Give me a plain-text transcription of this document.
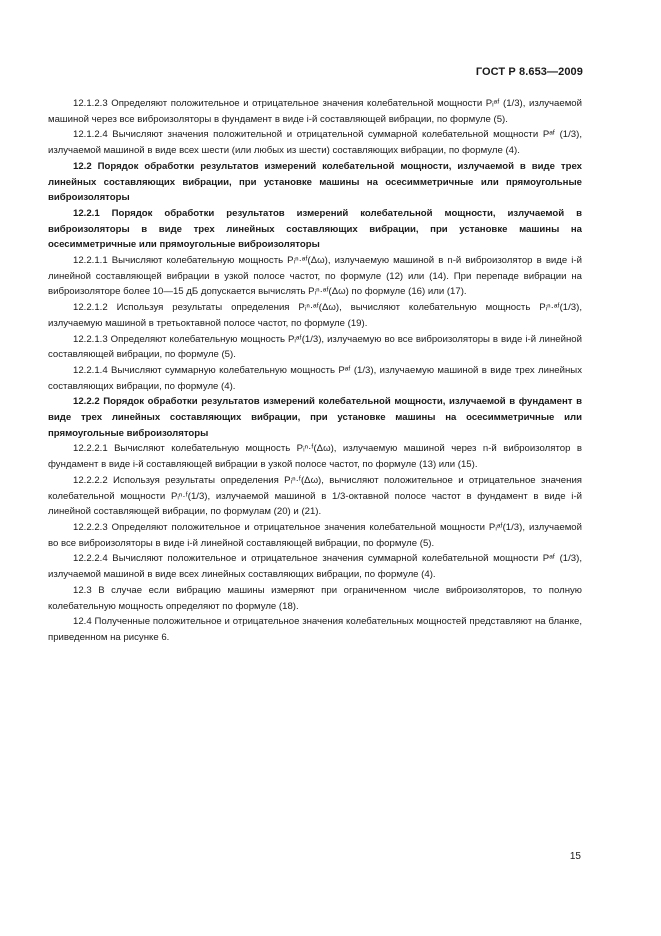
ГОСТ Р 8.653—2009

12.1.2.3 Определяют положительное и отрицательное значения колебательной мощности Pᵢᵃᶠ (1/3), излучаемой машиной через все виброизоляторы в фундамент в виде i-й составляющей вибрации, по формуле (5).

12.1.2.4 Вычисляют значения положительной и отрицательной суммарной колебательной мощности Pᵃᶠ (1/3), излучаемой машиной в виде всех шести (или любых из шести) составляющих вибрации, по формуле (4).

12.2 Порядок обработки результатов измерений колебательной мощности, излучаемой в виде трех линейных составляющих вибрации, при установке машины на осесимметричные или прямоугольные виброизоляторы

12.2.1 Порядок обработки результатов измерений колебательной мощности, излучаемой в виброизоляторы в виде трех линейных составляющих вибрации, при установке машины на осесимметричные или прямоугольные виброизоляторы

12.2.1.1 Вычисляют колебательную мощность Pᵢⁿ·ᵃᶠ(Δω), излучаемую машиной в n-й виброизолятор в виде i-й линейной составляющей вибрации в узкой полосе частот, по формуле (12) или (14). При перепаде вибрации на виброизоляторе более 10—15 дБ допускается вычислять Pᵢⁿ·ᵃᶠ(Δω) по формуле (16) или (17).

12.2.1.2 Используя результаты определения Pᵢⁿ·ᵃᶠ(Δω), вычисляют колебательную мощность Pᵢⁿ·ᵃᶠ(1/3), излучаемую машиной в третьоктавной полосе частот, по формуле (19).

12.2.1.3 Определяют колебательную мощность Pᵢᵃᶠ(1/3), излучаемую во все виброизоляторы в виде i-й линейной составляющей вибрации, по формуле (5).

12.2.1.4 Вычисляют суммарную колебательную мощность Pᵃᶠ (1/3), излучаемую машиной в виде трех линейных составляющих вибрации, по формуле (4).

12.2.2 Порядок обработки результатов измерений колебательной мощности, излучаемой в фундамент в виде трех линейных составляющих вибрации, при установке машины на осесимметричные или прямоугольные виброизоляторы

12.2.2.1 Вычисляют колебательную мощность Pᵢⁿ·ᶠ(Δω), излучаемую машиной через n-й виброизолятор в фундамент в виде i-й составляющей вибрации в узкой полосе частот, по формуле (13) или (15).

12.2.2.2 Используя результаты определения Pᵢⁿ·ᶠ(Δω), вычисляют положительное и отрицательное значения колебательной мощности Pᵢⁿ·ᶠ(1/3), излучаемой машиной в 1/3-октавной полосе частот в фундамент в виде i-й линейной составляющей вибрации, по формулам (20) и (21).

12.2.2.3 Определяют положительное и отрицательное значения колебательной мощности Pᵢᵃᶠ(1/3), излучаемой во все виброизоляторы в виде i-й линейной составляющей вибрации, по формуле (5).

12.2.2.4 Вычисляют положительное и отрицательное значения суммарной колебательной мощности Pᵃᶠ (1/3), излучаемой машиной в виде всех линейных составляющих вибрации, по формуле (4).

12.3 В случае если вибрацию машины измеряют при ограниченном числе виброизоляторов, то полную колебательную мощность определяют по формуле (18).

12.4 Полученные положительное и отрицательное значения колебательных мощностей представляют на бланке, приведенном на рисунке 6.

15
